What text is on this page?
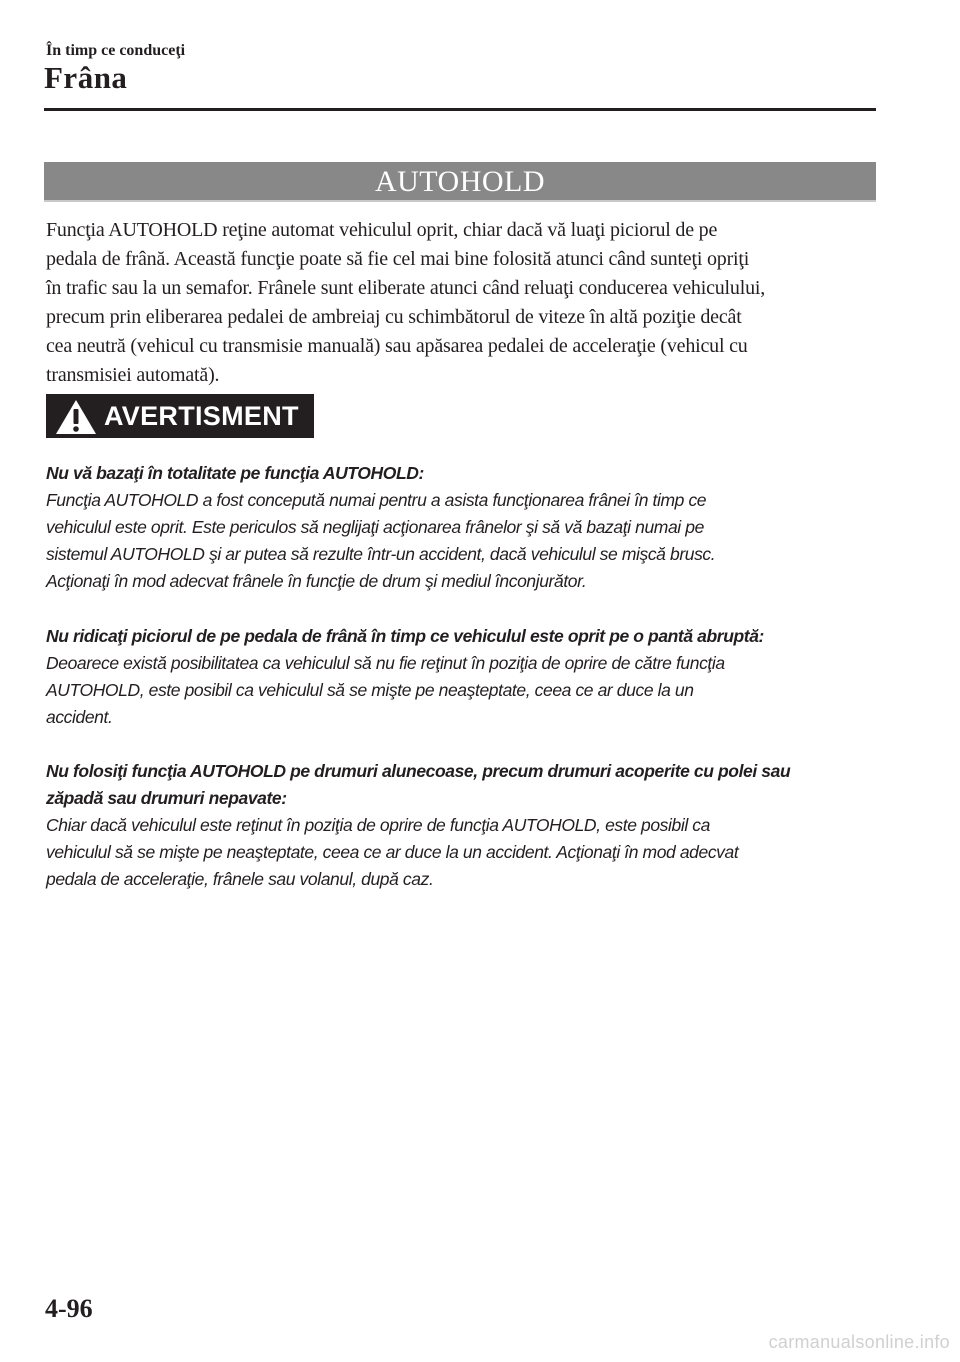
În timp ce conduceţi
Frâna
AUTOHOLD

Funcţia AUTOHOLD reţine automat vehiculul oprit, chiar dacă vă luaţi piciorul de pe
pedala de frână. Această funcţie poate să fie cel mai bine folosită atunci când sunteţi opriţi
în trafic sau la un semafor. Frânele sunt eliberate atunci când reluaţi conducerea vehiculului,
precum prin eliberarea pedalei de ambreiaj cu schimbătorul de viteze în altă poziţie decât
cea neutră (vehicul cu transmisie manuală) sau apăsarea pedalei de acceleraţie (vehicul cu
transmisiei automată).

AVERTISMENT
Nu vă bazaţi în totalitate pe funcţia AUTOHOLD:
Funcţia AUTOHOLD a fost concepută numai pentru a asista funcţionarea frânei în timp ce
vehiculul este oprit. Este periculos să neglijaţi acţionarea frânelor şi să vă bazaţi numai pe
sistemul AUTOHOLD şi ar putea să rezulte într-un accident, dacă vehiculul se mişcă brusc.
Acţionaţi în mod adecvat frânele în funcţie de drum şi mediul înconjurător.
Nu ridicaţi piciorul de pe pedala de frână în timp ce vehiculul este oprit pe o pantă abruptă:
Deoarece există posibilitatea ca vehiculul să nu fie reţinut în poziţia de oprire de către funcţia
AUTOHOLD, este posibil ca vehiculul să se mişte pe neaşteptate, ceea ce ar duce la un
accident.
Nu folosiţi funcţia AUTOHOLD pe drumuri alunecoase, precum drumuri acoperite cu polei sau
zăpadă sau drumuri nepavate:
Chiar dacă vehiculul este reţinut în poziţia de oprire de funcţia AUTOHOLD, este posibil ca
vehiculul să se mişte pe neaşteptate, ceea ce ar duce la un accident. Acţionaţi în mod adecvat
pedala de acceleraţie, frânele sau volanul, după caz.
4-96
carmanualsonline.info
